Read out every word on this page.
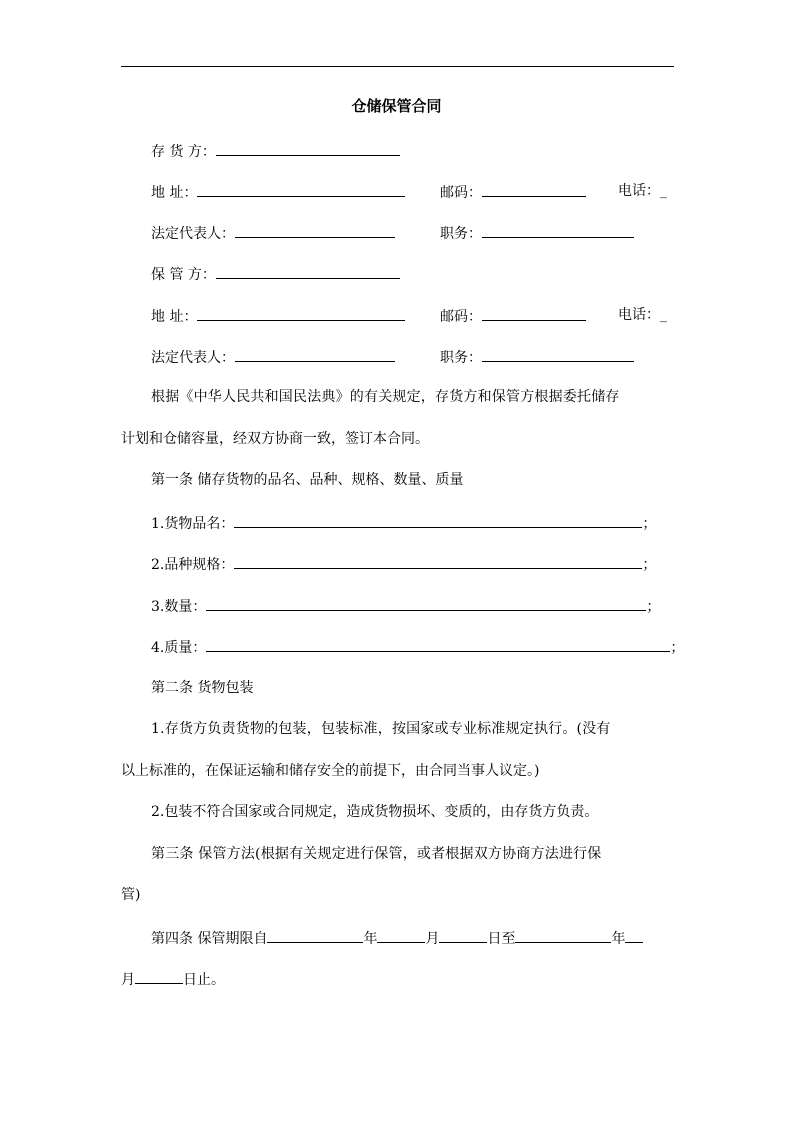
仓储保管合同
存 货 方：
地 址：	邮码：	电话：_
法定代表人：	职务：
保 管 方：
地 址：	邮码：	电话：_
法定代表人：	职务：
根据《中华人民共和国民法典》的有关规定，存货方和保管方根据委托储存
计划和仓储容量，经双方协商一致，签订本合同。
第一条 储存货物的品名、品种、规格、数量、质量
1.货物品名：	；
2.品种规格：	；
3.数量：	；
4.质量：	；
第二条 货物包装
1.存货方负责货物的包装，包装标准，按国家或专业标准规定执行。(没有
以上标准的，在保证运输和储存安全的前提下，由合同当事人议定。)
2.包装不符合国家或合同规定，造成货物损坏、变质的，由存货方负责。
第三条 保管方法(根据有关规定进行保管，或者根据双方协商方法进行保
管)
第四条 保管期限自	年	月	日至	年
月	日止。
